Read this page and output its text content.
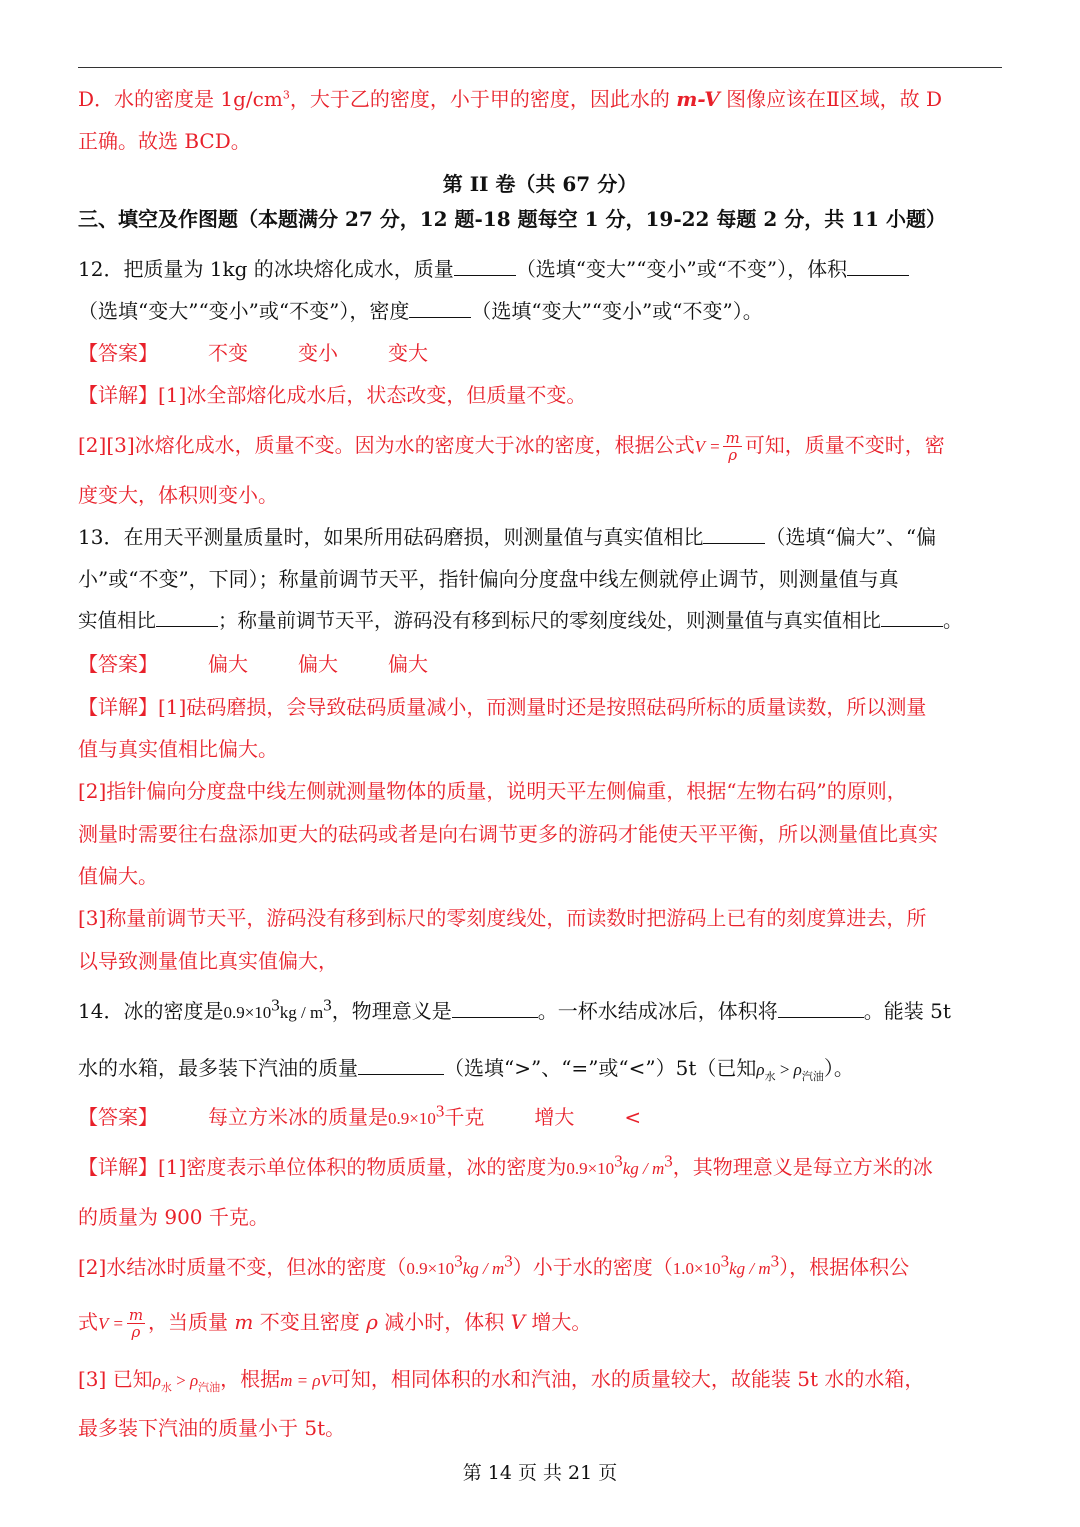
D．水的密度是 $1g/cm^3$，大于乙的密度，小于甲的密度，因此水的 m-V 图像应该在Ⅱ区域，故 D
正确。故选 BCD。
第 II 卷（共 67 分）
三、填空及作图题（本题满分 27 分，12 题-18 题每空 1 分，19-22 每题 2 分，共 11 小题）
12．把质量为 1kg 的冰块熔化成水，质量	（选填“变大”“变小”或“不变”），体积
（选填“变大”“变小”或“不变”），密度	（选填“变大”“变小”或“不变”）。
【答案】	不变	变小	变大
【详解】[1]冰全部熔化成水后，状态改变，但质量不变。
[2][3]冰熔化成水，质量不变。因为水的密度大于冰的密度，根据公式$V = \frac{m}{\rho}$ 可知，质量不变时，密
度变大，体积则变小。
13．在用天平测量质量时，如果所用砝码磨损，则测量值与真实值相比	（选填“偏大”、“偏
小”或“不变”，下同）；称量前调节天平，指针偏向分度盘中线左侧就停止调节，则测量值与真
实值相比	；称量前调节天平，游码没有移到标尺的零刻度线处，则测量值与真实值相比	。
【答案】	偏大	偏大	偏大
【详解】[1]砝码磨损，会导致砝码质量减小，而测量时还是按照砝码所标的质量读数，所以测量
值与真实值相比偏大。
[2]指针偏向分度盘中线左侧就测量物体的质量，说明天平左侧偏重，根据“左物右码”的原则，
测量时需要往右盘添加更大的砝码或者是向右调节更多的游码才能使天平平衡，所以测量值比真实
值偏大。
[3]称量前调节天平，游码没有移到标尺的零刻度线处，而读数时把游码上已有的刻度算进去，所
以导致测量值比真实值偏大，
14．冰的密度是$0.9\times 10^3kg / m^3$，物理意义是	。一杯水结成冰后，体积将	。能装 5t
水的水箱，最多装下汽油的质量	（选填“>”、“=”或“<”）5t（已知$\rho_水 > \rho_{汽油}$）。
【答案】	每立方米冰的质量是$0.9\times 10^3$千克	增大	<
【详解】[1]密度表示单位体积的物质质量，冰的密度为$0.9\times 10^3kg / m^3$，其物理意义是每立方米的冰
的质量为 900 千克。
[2]水结冰时质量不变，但冰的密度$(0.9\times 10^3kg / m^3)$小于水的密度$(1.0\times 10^3kg / m^3)$，根据体积公
式$V = \frac{m}{\rho}$ ，当质量 m 不变且密度 ρ 减小时，体积 V 增大。
[3] 已知$\rho_水 > \rho_{汽油}$，根据m = ρV可知，相同体积的水和汽油，水的质量较大，故能装 5t 水的水箱，
最多装下汽油的质量小于 5t。
第 14 页 共 21 页
